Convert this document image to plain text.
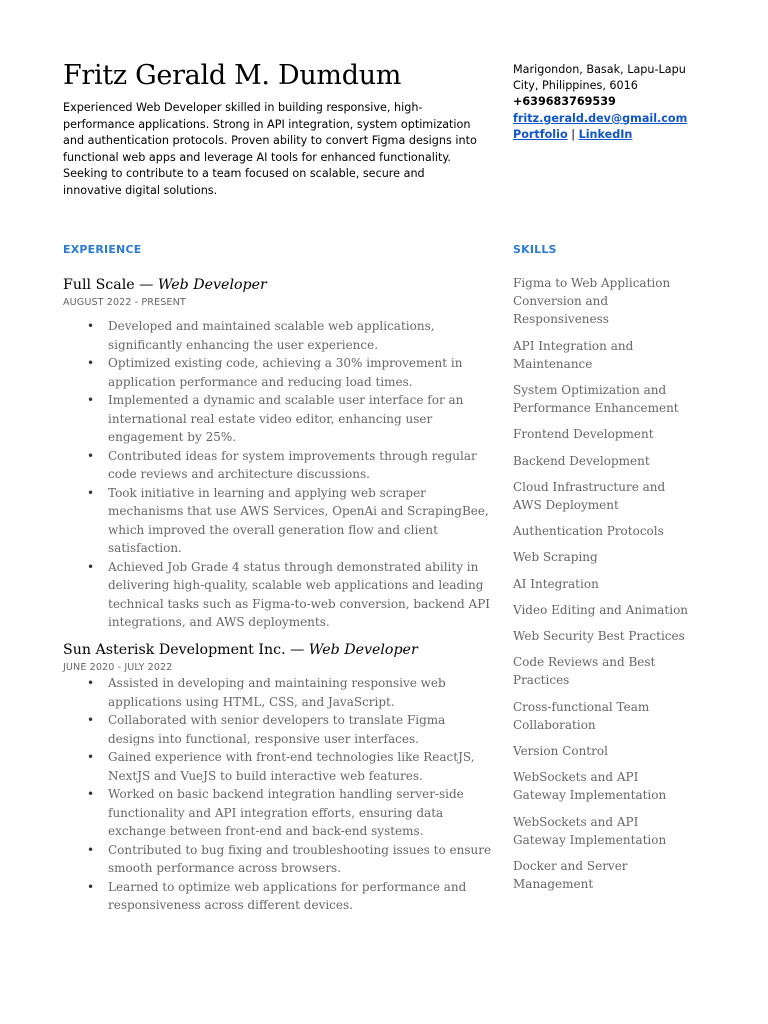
Fritz Gerald M. Dumdum

Experienced Web Developer skilled in building responsive, high-performance applications. Strong in API integration, system optimization and authentication protocols. Proven ability to convert Figma designs into functional web apps and leverage AI tools for enhanced functionality. Seeking to contribute to a team focused on scalable, secure and innovative digital solutions.

Marigondon, Basak, Lapu-Lapu City, Philippines, 6016
+639683769539
fritz.gerald.dev@gmail.com
Portfolio | LinkedIn
EXPERIENCE	SKILLS
Full Scale — Web Developer

AUGUST 2022 - PRESENT

• Developed and maintained scalable web applications, significantly enhancing the user experience.
• Optimized existing code, achieving a 30% improvement in application performance and reducing load times.
• Implemented a dynamic and scalable user interface for an international real estate video editor, enhancing user engagement by 25%.
• Contributed ideas for system improvements through regular code reviews and architecture discussions.
• Took initiative in learning and applying web scraper mechanisms that use AWS Services, OpenAi and ScrapingBee, which improved the overall generation flow and client satisfaction.
• Achieved Job Grade 4 status through demonstrated ability in delivering high-quality, scalable web applications and leading technical tasks such as Figma-to-web conversion, backend API integrations, and AWS deployments.
Sun Asterisk Development Inc. — Web Developer

JUNE 2020 - JULY 2022

• Assisted in developing and maintaining responsive web applications using HTML, CSS, and JavaScript.
• Collaborated with senior developers to translate Figma designs into functional, responsive user interfaces.
• Gained experience with front-end technologies like ReactJS, NextJS and VueJS to build interactive web features.
• Worked on basic backend integration handling server-side functionality and API integration efforts, ensuring data exchange between front-end and back-end systems.
• Contributed to bug fixing and troubleshooting issues to ensure smooth performance across browsers.
• Learned to optimize web applications for performance and responsiveness across different devices.
Figma to Web Application Conversion and Responsiveness
API Integration and Maintenance
System Optimization and Performance Enhancement
Frontend Development
Backend Development
Cloud Infrastructure and AWS Deployment
Authentication Protocols
Web Scraping
AI Integration
Video Editing and Animation
Web Security Best Practices
Code Reviews and Best Practices
Cross-functional Team Collaboration
Version Control
WebSockets and API Gateway Implementation
WebSockets and API Gateway Implementation
Docker and Server Management
